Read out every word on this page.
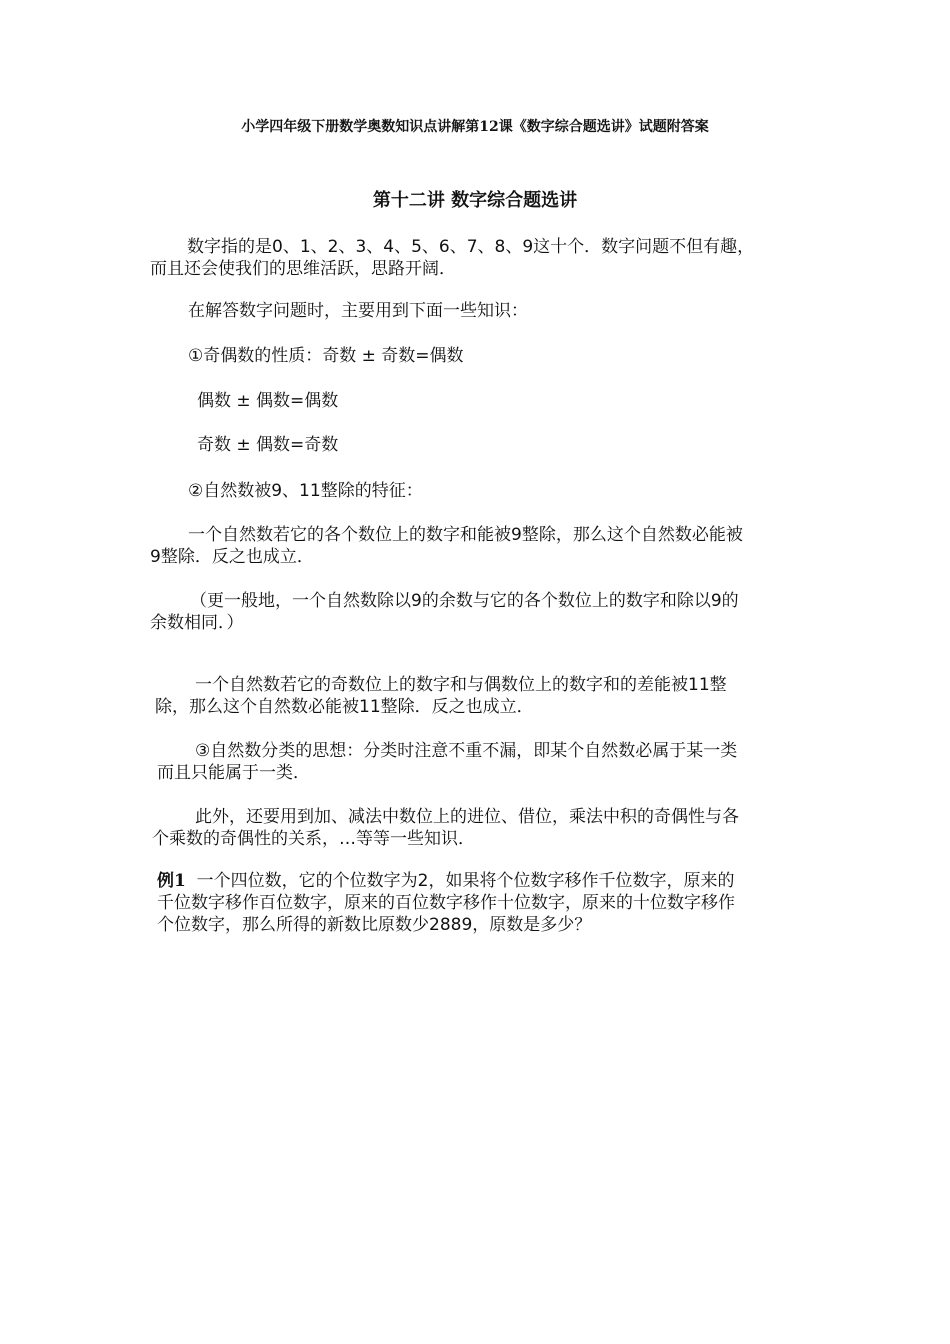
小学四年级下册数学奥数知识点讲解第12课《数字综合题选讲》试题附答案
第十二讲 数字综合题选讲
数字指的是0、1、2、3、4、5、6、7、8、9这十个．数字问题不但有趣，
而且还会使我们的思维活跃，思路开阔．
在解答数字问题时，主要用到下面一些知识：
①奇偶数的性质：奇数 ± 奇数=偶数
偶数 ± 偶数=偶数
奇数 ± 偶数=奇数
②自然数被9、11整除的特征：
一个自然数若它的各个数位上的数字和能被9整除，那么这个自然数必能被
9整除．反之也成立．
（更一般地，一个自然数除以9的余数与它的各个数位上的数字和除以9的
余数相同．）
一个自然数若它的奇数位上的数字和与偶数位上的数字和的差能被11整
除，那么这个自然数必能被11整除．反之也成立．
③自然数分类的思想：分类时注意不重不漏，即某个自然数必属于某一类
而且只能属于一类．
此外，还要用到加、减法中数位上的进位、借位，乘法中积的奇偶性与各
个乘数的奇偶性的关系，…等等一些知识．
例1 一个四位数，它的个位数字为2，如果将个位数字移作千位数字，原来的
千位数字移作百位数字，原来的百位数字移作十位数字，原来的十位数字移作
个位数字，那么所得的新数比原数少2889，原数是多少？
